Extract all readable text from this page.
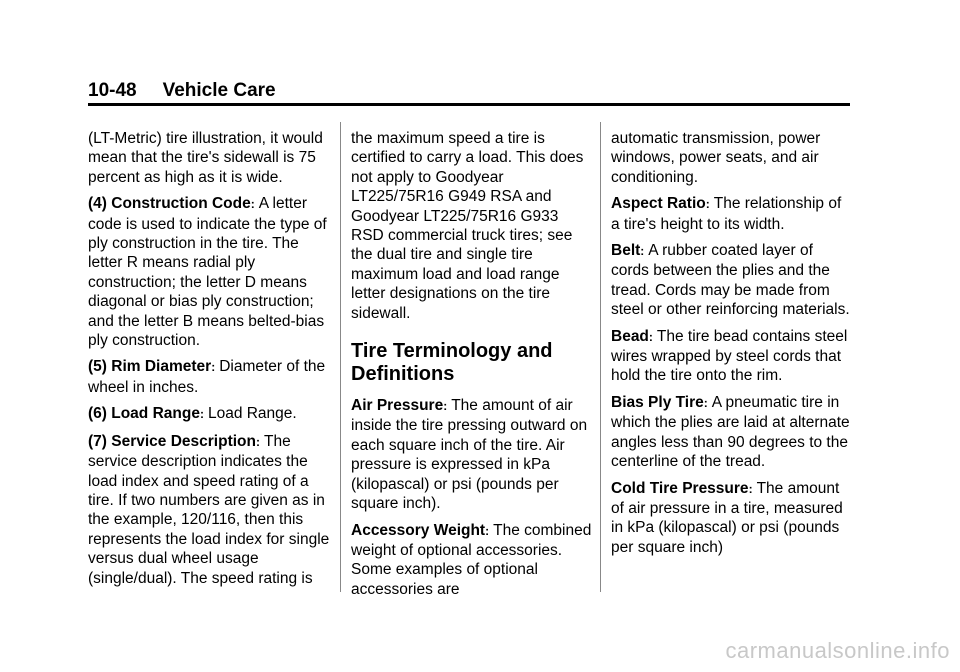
10-48 Vehicle Care

(LT-Metric) tire illustration, it would mean that the tire's sidewall is 75 percent as high as it is wide.

(4) Construction Code : A letter code is used to indicate the type of ply construction in the tire. The letter R means radial ply construction; the letter D means diagonal or bias ply construction; and the letter B means belted-bias ply construction.

(5) Rim Diameter : Diameter of the wheel in inches.

(6) Load Range : Load Range.

(7) Service Description : The service description indicates the load index and speed rating of a tire. If two numbers are given as in the example, 120/116, then this represents the load index for single versus dual wheel usage (single/dual). The speed rating is

the maximum speed a tire is certified to carry a load. This does not apply to Goodyear LT225/75R16 G949 RSA and Goodyear LT225/75R16 G933 RSD commercial truck tires; see the dual tire and single tire maximum load and load range letter designations on the tire sidewall.

Tire Terminology and Definitions

Air Pressure : The amount of air inside the tire pressing outward on each square inch of the tire. Air pressure is expressed in kPa (kilopascal) or psi (pounds per square inch).

Accessory Weight : The combined weight of optional accessories. Some examples of optional accessories are

automatic transmission, power windows, power seats, and air conditioning.

Aspect Ratio : The relationship of a tire's height to its width.

Belt : A rubber coated layer of cords between the plies and the tread. Cords may be made from steel or other reinforcing materials.

Bead : The tire bead contains steel wires wrapped by steel cords that hold the tire onto the rim.

Bias Ply Tire : A pneumatic tire in which the plies are laid at alternate angles less than 90 degrees to the centerline of the tread.

Cold Tire Pressure : The amount of air pressure in a tire, measured in kPa (kilopascal) or psi (pounds per square inch)

carmanualsonline.info
